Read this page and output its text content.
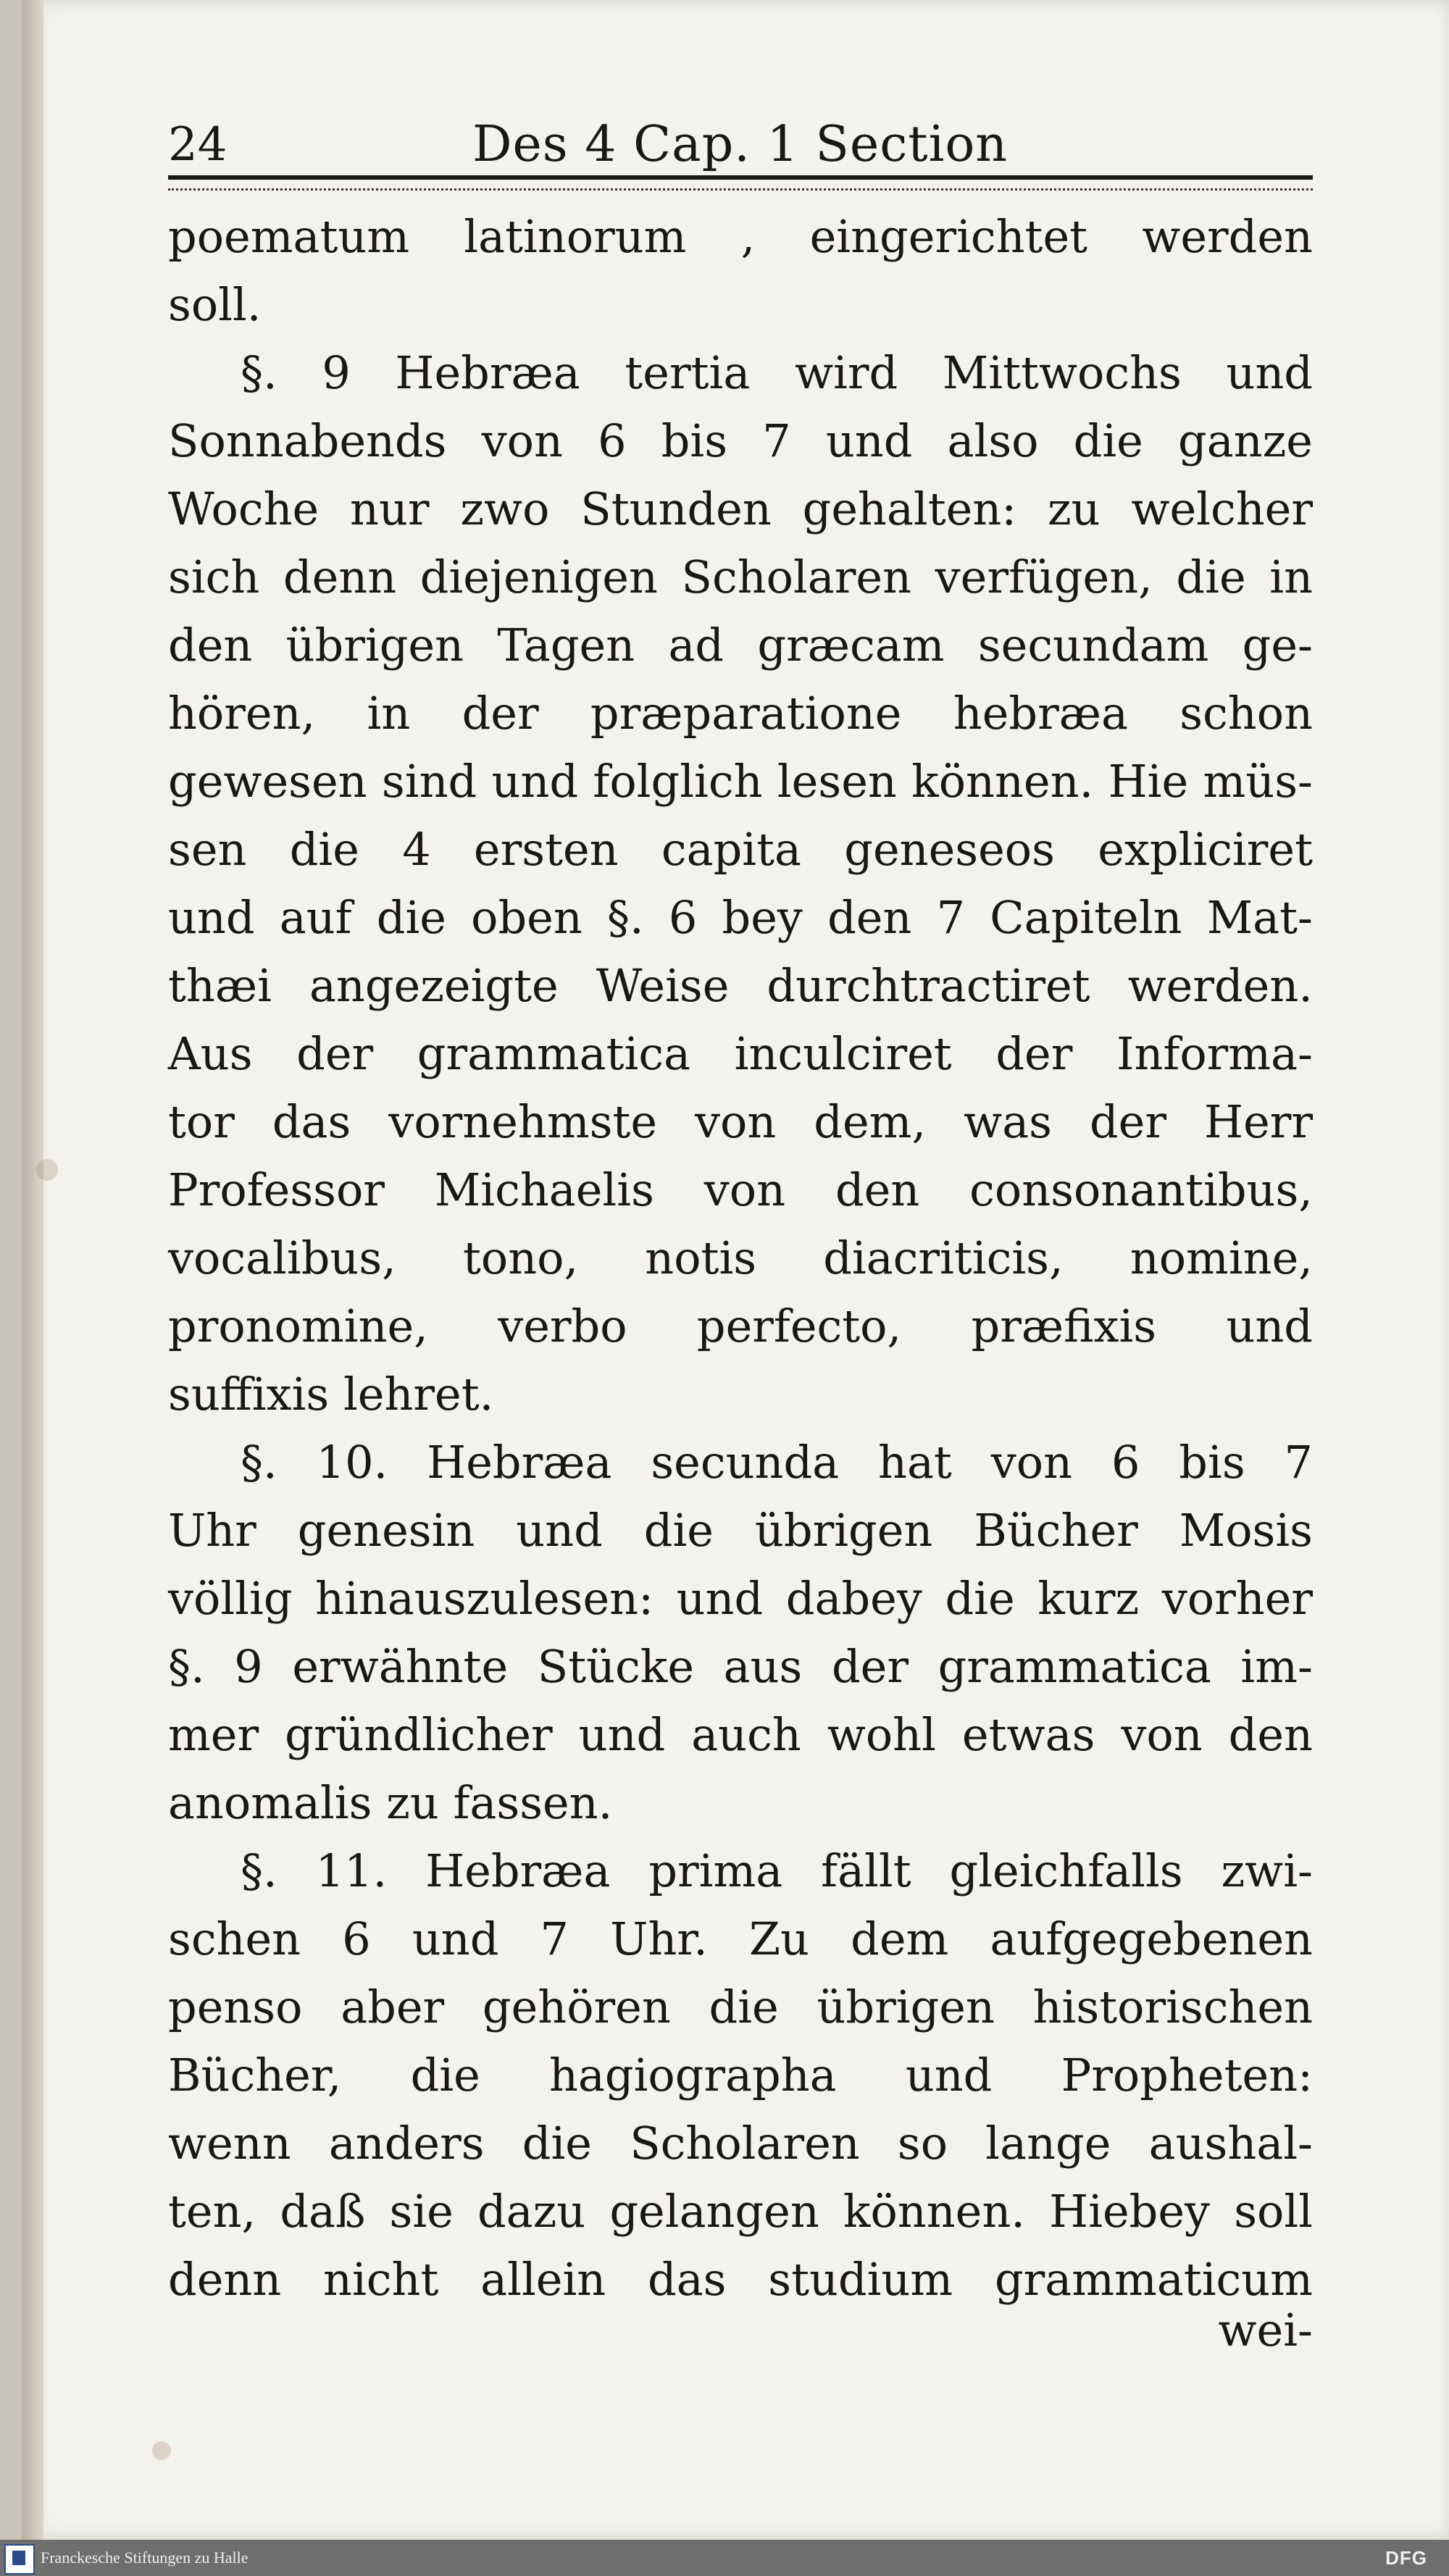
24	Des 4 Cap. 1 Section
poematum latinorum , eingerichtet werden
soll.
§. 9 Hebræa tertia wird Mittwochs und
Sonnabends von 6 bis 7 und also die ganze
Woche nur zwo Stunden gehalten: zu welcher
sich denn diejenigen Scholaren verfügen, die in
den übrigen Tagen ad græcam secundam ge-
hören, in der præparatione hebræa schon
gewesen sind und folglich lesen können. Hie müs-
sen die 4 ersten capita geneseos expliciret
und auf die oben §. 6 bey den 7 Capiteln Mat-
thæi angezeigte Weise durchtractiret werden.
Aus der grammatica inculciret der Informa-
tor das vornehmste von dem, was der Herr
Professor Michaelis von den consonantibus,
vocalibus, tono, notis diacriticis, nomine,
pronomine, verbo perfecto, præfixis und
suffixis lehret.
§. 10. Hebræa secunda hat von 6 bis 7
Uhr genesin und die übrigen Bücher Mosis
völlig hinauszulesen: und dabey die kurz vorher
§. 9 erwähnte Stücke aus der grammatica im-
mer gründlicher und auch wohl etwas von den
anomalis zu fassen.
§. 11. Hebræa prima fällt gleichfalls zwi-
schen 6 und 7 Uhr. Zu dem aufgegebenen
penso aber gehören die übrigen historischen
Bücher, die hagiographa und Propheten:
wenn anders die Scholaren so lange aushal-
ten, daß sie dazu gelangen können. Hiebey soll
denn nicht allein das studium grammaticum
wei-
Franckesche Stiftungen zu Halle	DFG
